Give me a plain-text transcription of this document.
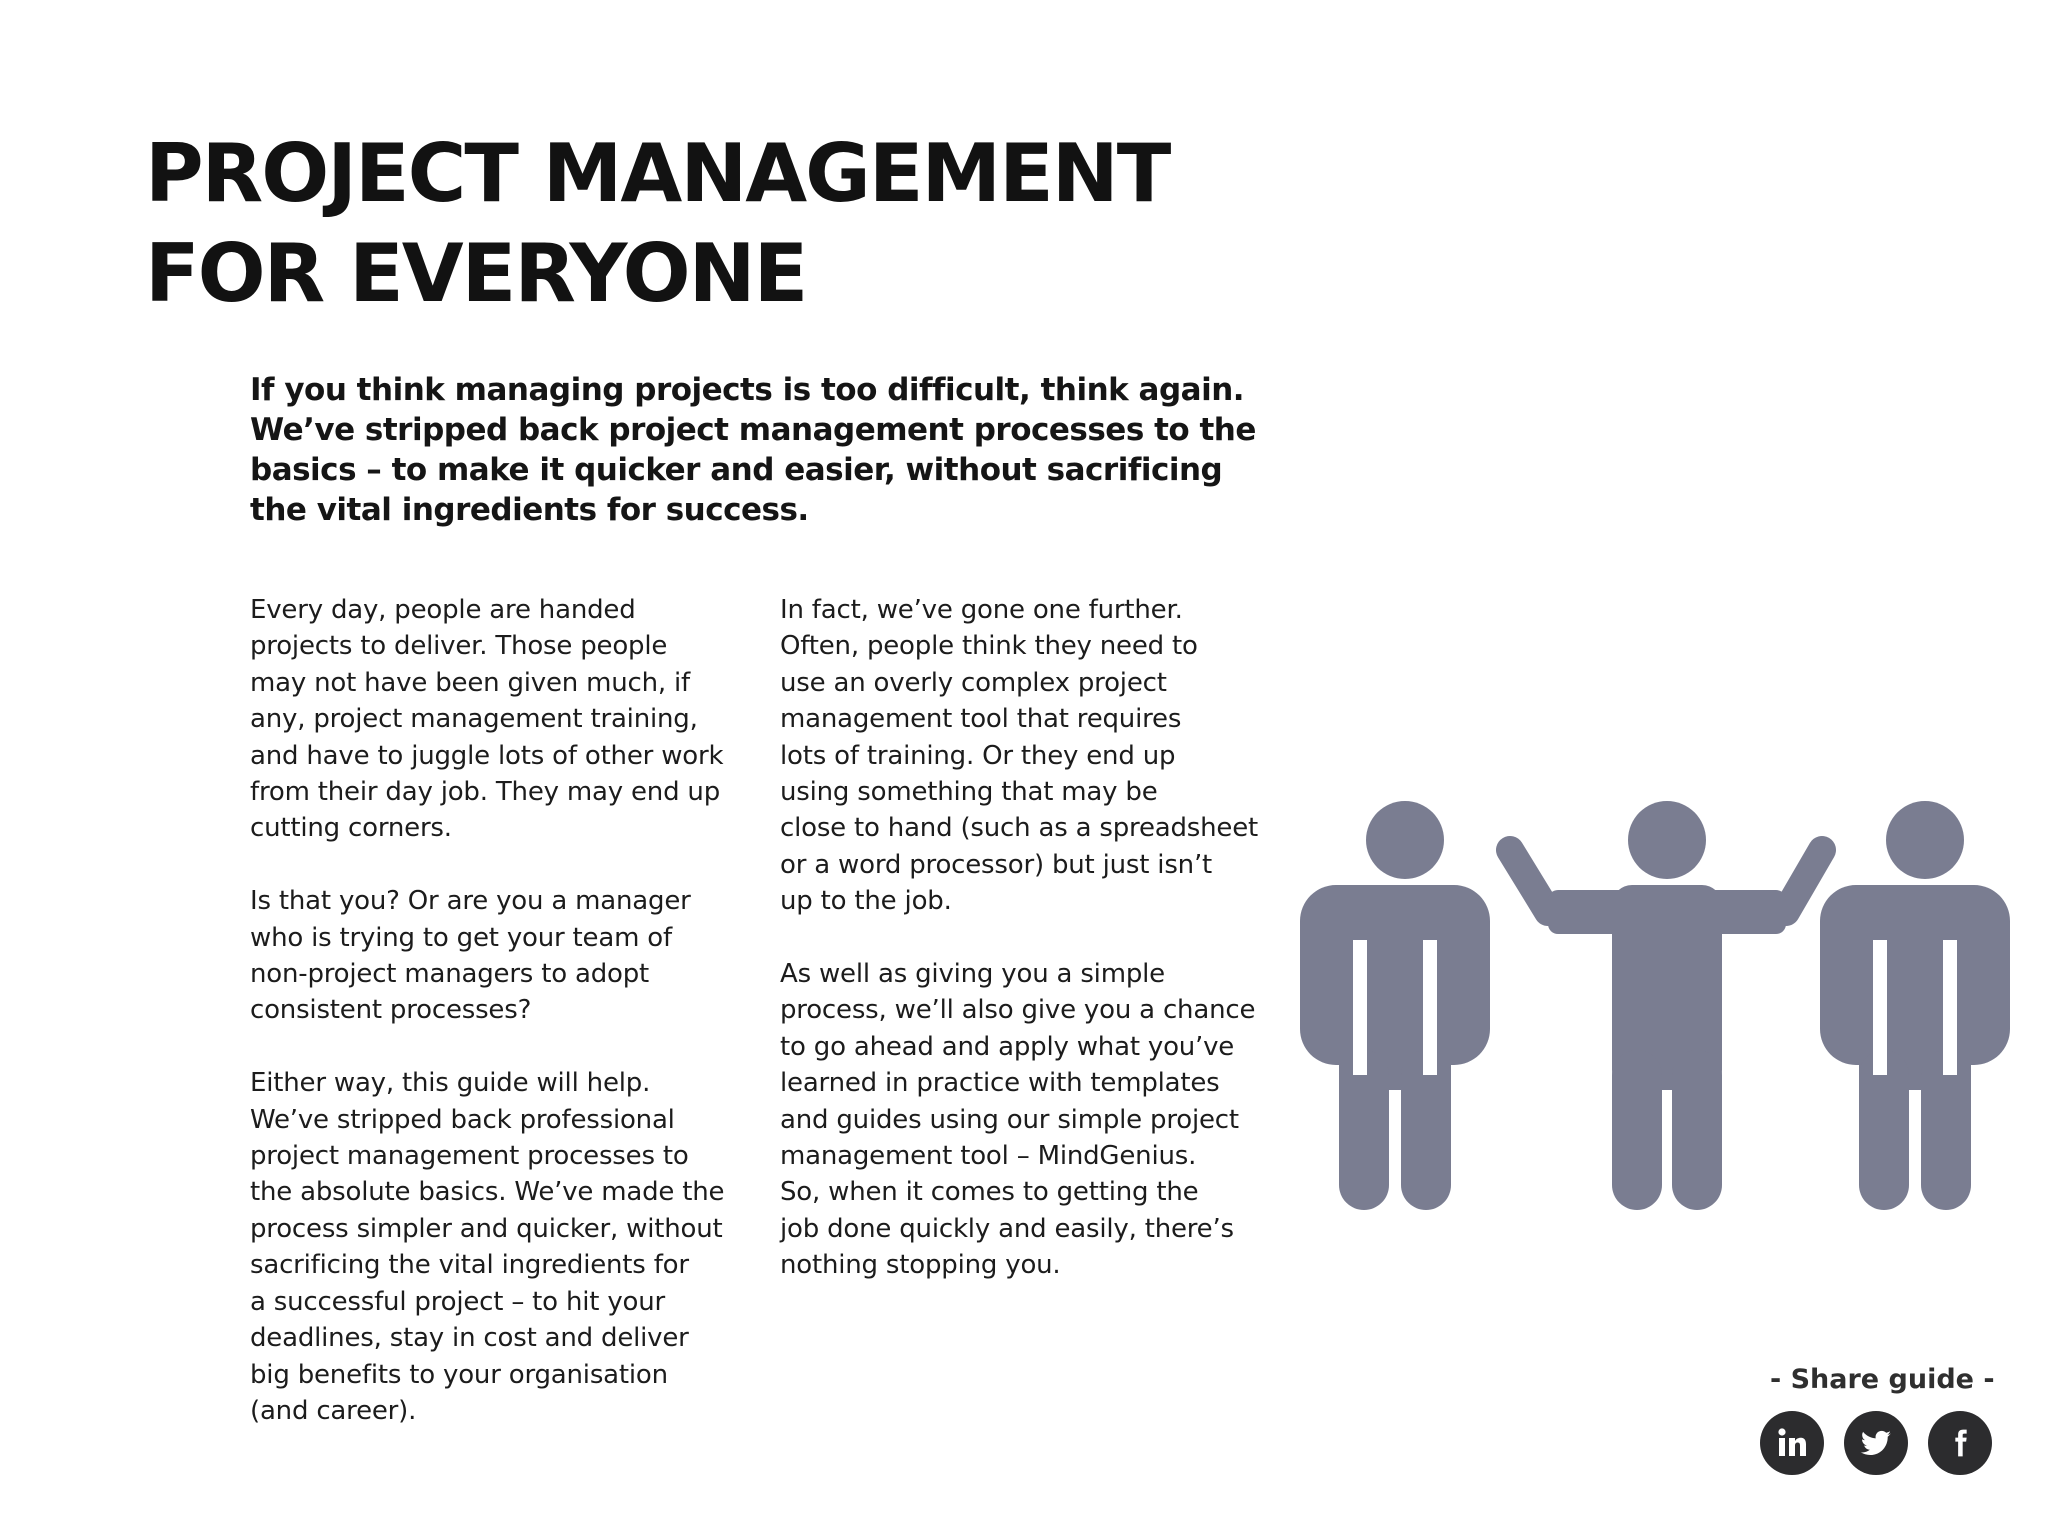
PROJECT MANAGEMENT
FOR EVERYONE

If you think managing projects is too difficult, think again.
We’ve stripped back project management processes to the
basics – to make it quicker and easier, without sacrificing
the vital ingredients for success.

Every day, people are handed
projects to deliver. Those people
may not have been given much, if
any, project management training,
and have to juggle lots of other work
from their day job. They may end up
cutting corners.

Is that you? Or are you a manager
who is trying to get your team of
non-project managers to adopt
consistent processes?

Either way, this guide will help.
We’ve stripped back professional
project management processes to
the absolute basics. We’ve made the
process simpler and quicker, without
sacrificing the vital ingredients for
a successful project – to hit your
deadlines, stay in cost and deliver
big benefits to your organisation
(and career).

In fact, we’ve gone one further.
Often, people think they need to
use an overly complex project
management tool that requires
lots of training. Or they end up
using something that may be
close to hand (such as a spreadsheet
or a word processor) but just isn’t
up to the job.

As well as giving you a simple
process, we’ll also give you a chance
to go ahead and apply what you’ve
learned in practice with templates
and guides using our simple project
management tool – MindGenius.
So, when it comes to getting the
job done quickly and easily, there’s
nothing stopping you.

- Share guide -
